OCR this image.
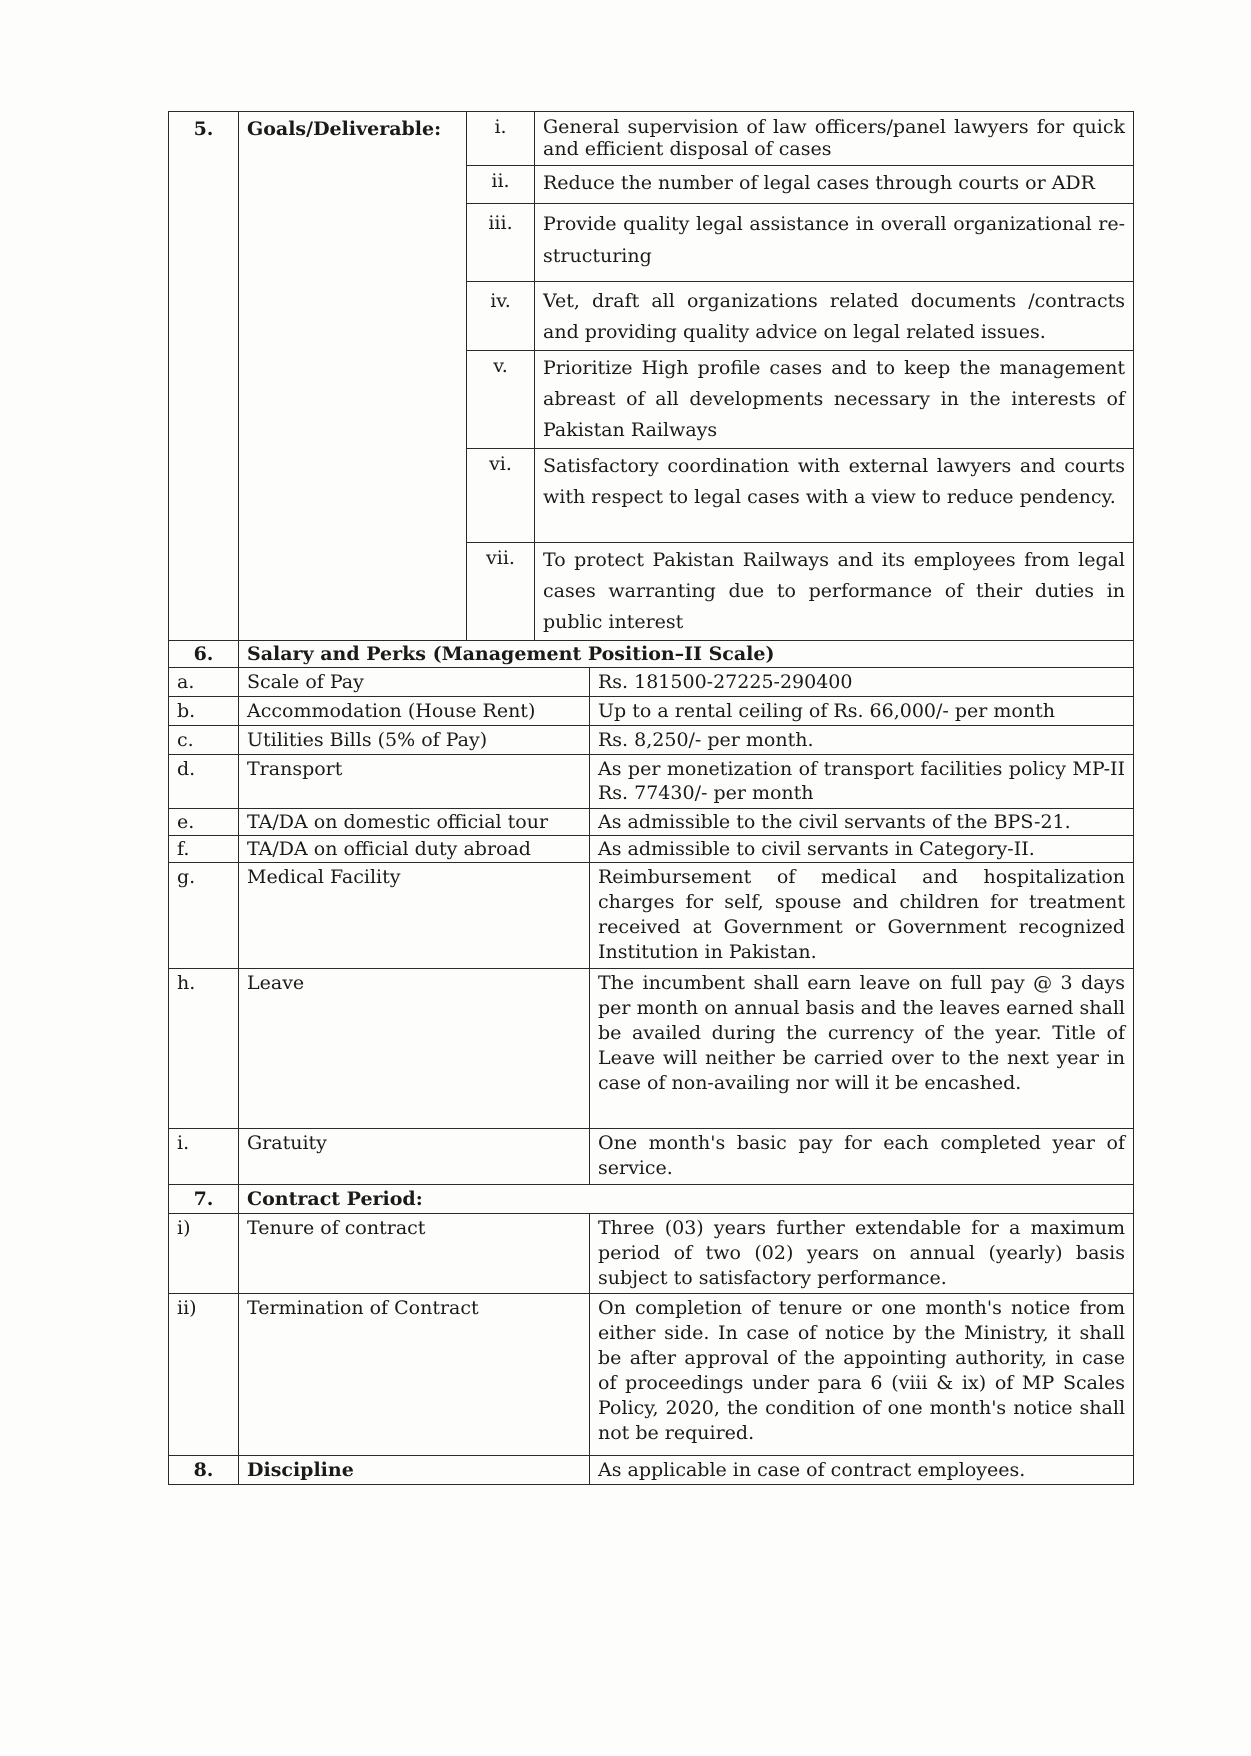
5.	Goals/Deliverable:	i.	General supervision of law officers/panel lawyers for quick and efficient disposal of cases	
		ii.	Reduce the number of legal cases through courts or ADR	
		iii.	Provide quality legal assistance in overall organizational re-structuring	
		iv.	Vet, draft all organizations related documents /contracts and providing quality advice on legal related issues.	
		v.	Prioritize High profile cases and to keep the management abreast of all developments necessary in the interests of Pakistan Railways	
		vi.	Satisfactory coordination with external lawyers and courts with respect to legal cases with a view to reduce pendency.	
		vii.	To protect Pakistan Railways and its employees from legal cases warranting due to performance of their duties in public interest	
6.	Salary and Perks (Management Position–II Scale)			
a.	Scale of Pay			Rs. 181500-27225-290400
b.	Accommodation (House Rent)			Up to a rental ceiling of Rs. 66,000/- per month
c.	Utilities Bills (5% of Pay)			Rs. 8,250/- per month.
d.	Transport			As per monetization of transport facilities policy MP-II Rs. 77430/- per month
e.	TA/DA on domestic official tour			As admissible to the civil servants of the BPS-21.
f.	TA/DA on official duty abroad			As admissible to civil servants in Category-II.
g.	Medical Facility			Reimbursement of medical and hospitalization charges for self, spouse and children for treatment received at Government or Government recognized Institution in Pakistan.
h.	Leave			The incumbent shall earn leave on full pay @ 3 days per month on annual basis and the leaves earned shall be availed during the currency of the year. Title of Leave will neither be carried over to the next year in case of non-availing nor will it be encashed.
i.	Gratuity			One month's basic pay for each completed year of service.
7.	Contract Period:			
i)	Tenure of contract			Three (03) years further extendable for a maximum period of two (02) years on annual (yearly) basis subject to satisfactory performance.
ii)	Termination of Contract			On completion of tenure or one month's notice from either side. In case of notice by the Ministry, it shall be after approval of the appointing authority, in case of proceedings under para 6 (viii & ix) of MP Scales Policy, 2020, the condition of one month's notice shall not be required.
8.	Discipline			As applicable in case of contract employees.
